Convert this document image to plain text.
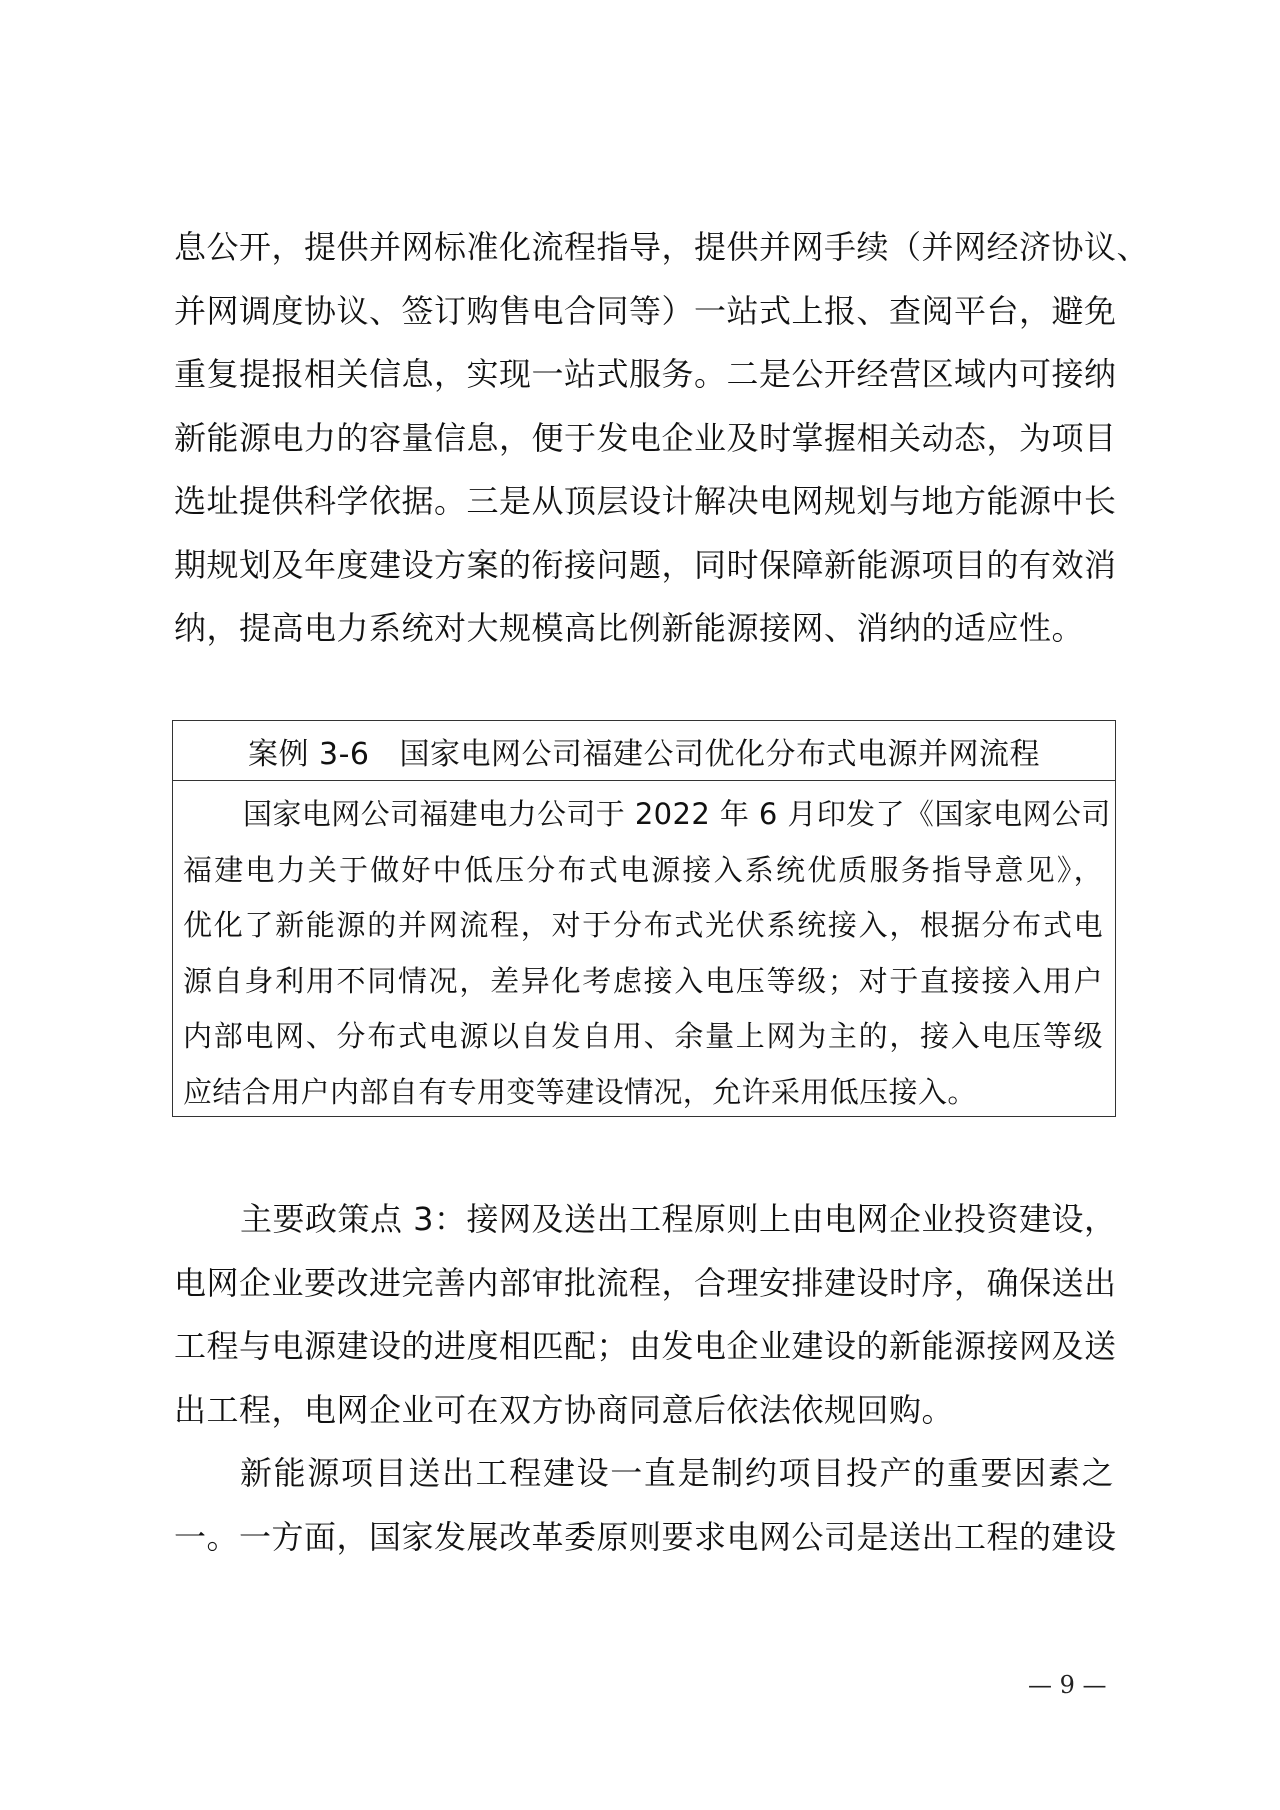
息公开，提供并网标准化流程指导，提供并网手续（并网经济协议、
并网调度协议、签订购售电合同等）一站式上报、查阅平台，避免
重复提报相关信息，实现一站式服务。二是公开经营区域内可接纳
新能源电力的容量信息，便于发电企业及时掌握相关动态，为项目
选址提供科学依据。三是从顶层设计解决电网规划与地方能源中长
期规划及年度建设方案的衔接问题，同时保障新能源项目的有效消
纳，提高电力系统对大规模高比例新能源接网、消纳的适应性。
案例 3-6 国家电网公司福建公司优化分布式电源并网流程
国家电网公司福建电力公司于 2022 年 6 月印发了《国家电网公司
福建电力关于做好中低压分布式电源接入系统优质服务指导意见》，
优化了新能源的并网流程，对于分布式光伏系统接入，根据分布式电
源自身利用不同情况，差异化考虑接入电压等级；对于直接接入用户
内部电网、分布式电源以自发自用、余量上网为主的，接入电压等级
应结合用户内部自有专用变等建设情况，允许采用低压接入。
主要政策点 3：接网及送出工程原则上由电网企业投资建设，
电网企业要改进完善内部审批流程，合理安排建设时序，确保送出
工程与电源建设的进度相匹配；由发电企业建设的新能源接网及送
出工程，电网企业可在双方协商同意后依法依规回购。
新能源项目送出工程建设一直是制约项目投产的重要因素之
一。一方面，国家发展改革委原则要求电网公司是送出工程的建设
— 9 —
